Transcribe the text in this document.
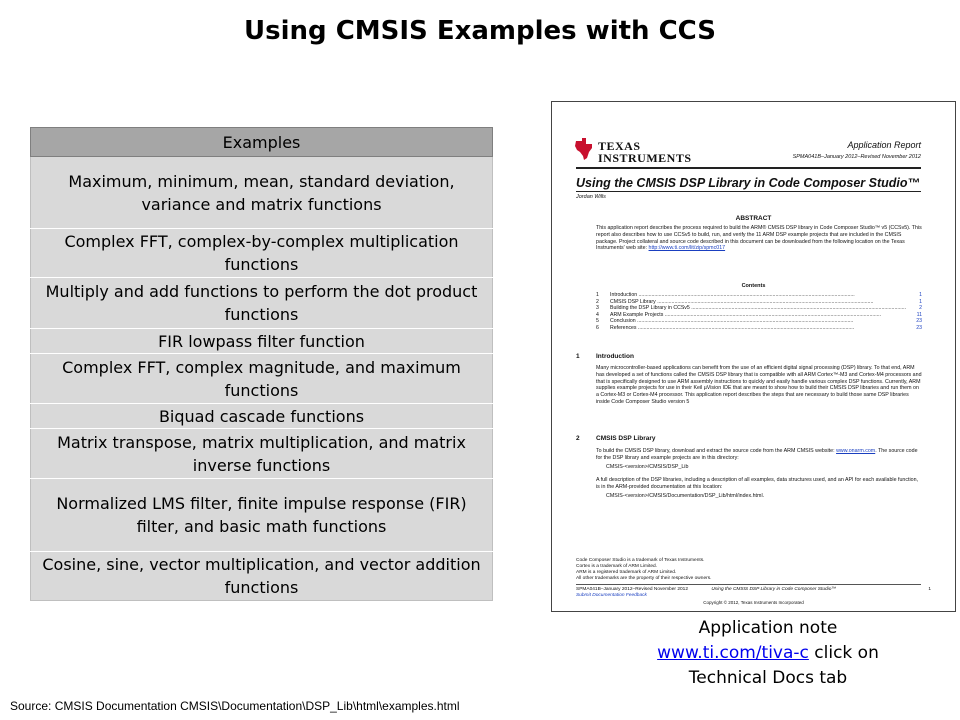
Using CMSIS Examples with CCS
Examples
Maximum, minimum, mean, standard deviation, variance and matrix functions
Complex FFT, complex-by-complex multiplication functions
Multiply and add functions to perform the dot product functions
FIR lowpass filter function
Complex FFT, complex magnitude, and maximum functions
Biquad cascade functions
Matrix transpose, matrix multiplication, and matrix inverse functions
Normalized LMS filter, finite impulse response (FIR) filter, and basic math functions
Cosine, sine, vector multiplication, and vector addition functions
TEXAS
INSTRUMENTS
Application Report
SPMA041B–January 2012–Revised November 2012
Using the CMSIS DSP Library in Code Composer Studio™
Jordan Wills
ABSTRACT
This application report describes the process required to build the ARM® CMSIS DSP library in Code Composer Studio™ v5 (CCSv5). This report also describes how to use CCSv5 to build, run, and verify the 11 ARM DSP example projects that are included in the CMSIS package. Project collateral and source code described in this document can be downloaded from the following location on the Texas Instruments' web site: http://www.ti.com/lit/zip/spmc017
Contents
1	Introduction .....	1
2	CMSIS DSP Library .....	1
3	Building the DSP Library in CCSv5 .....	2
4	ARM Example Projects .....	11
5	Conclusion .....	23
6	References .....	23
1	Introduction
Many microcontroller-based applications can benefit from the use of an efficient digital signal processing (DSP) library. To that end, ARM has developed a set of functions called the CMSIS DSP library that is compatible with all ARM Cortex™-M3 and Cortex-M4 processors and that is specifically designed to use ARM assembly instructions to quickly and easily handle various complex DSP functions. Currently, ARM supplies example projects for use in their Keil µVision IDE that are meant to show how to build their CMSIS DSP libraries and run them on a Cortex-M3 or Cortex-M4 processor. This application report describes the steps that are necessary to build those same DSP libraries inside Code Composer Studio version 5
2	CMSIS DSP Library
To build the CMSIS DSP library, download and extract the source code from the ARM CMSIS website: www.onarm.com. The source code for the DSP library and example projects are in this directory:
CMSIS-<version>/CMSIS/DSP_Lib
A full description of the DSP libraries, including a description of all examples, data structures used, and an API for each available function, is in the ARM-provided documentation at this location:
CMSIS-<version>/CMSIS/Documentation/DSP_Lib/html/index.html.
Code Composer Studio is a trademark of Texas Instruments.
Cortex is a trademark of ARM Limited.
ARM is a registered trademark of ARM Limited.
All other trademarks are the property of their respective owners.
SPMA041B–January 2012–Revised November 2012	Using the CMSIS DSP Library in Code Composer Studio™	1
Submit Documentation Feedback
Copyright © 2012, Texas Instruments Incorporated
Application note
www.ti.com/tiva-c click on
Technical Docs tab
Source: CMSIS Documentation CMSIS\Documentation\DSP_Lib\html\examples.html
